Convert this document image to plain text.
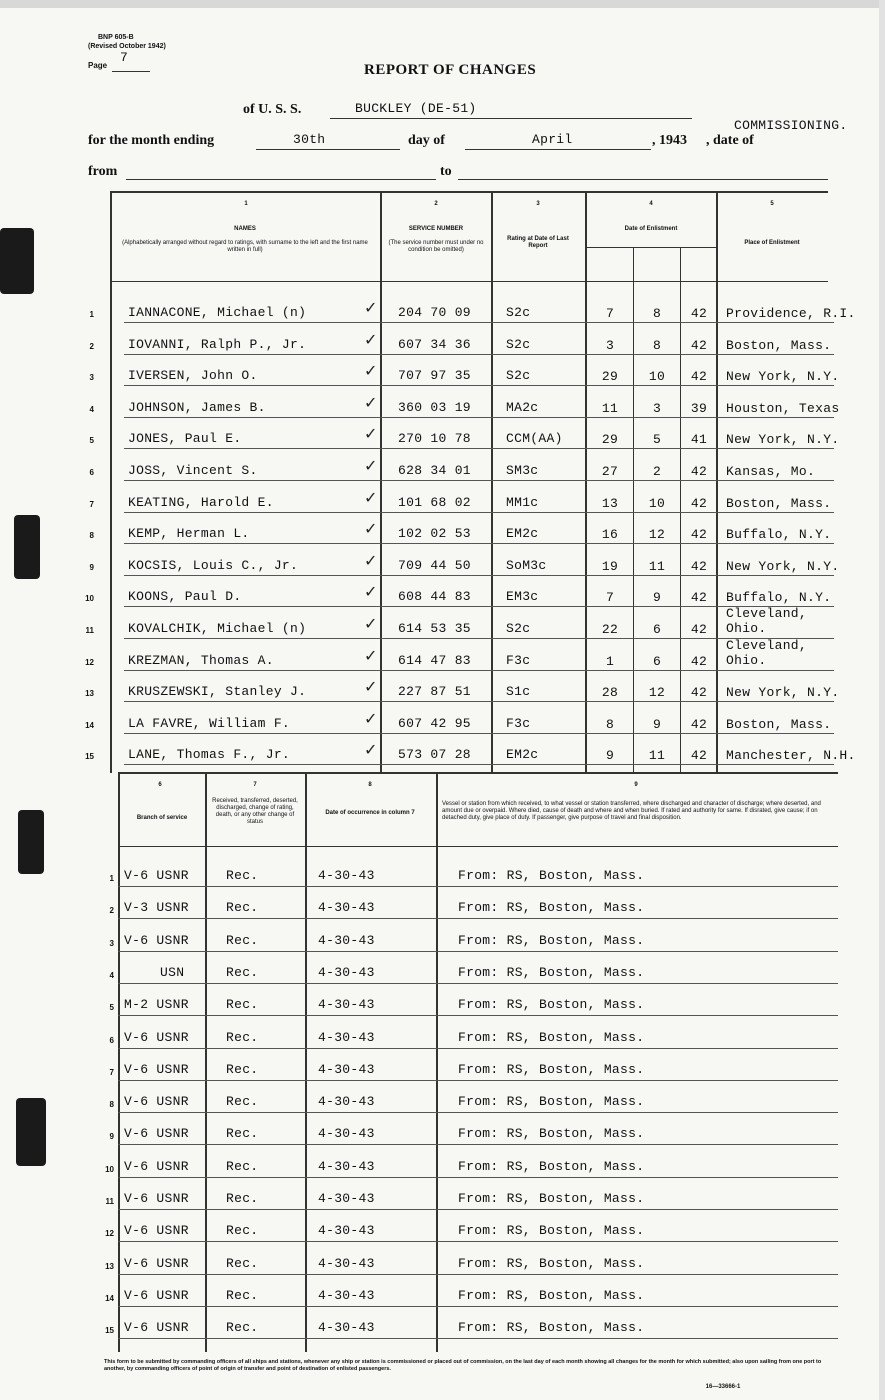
BNP 605-B
(Revised October 1942)
Page
7
REPORT OF CHANGES
of U. S. S.	BUCKLEY (DE-51)
for the month ending	30th	day of	April	, 1943 , date of
COMMISSIONING.
from	to
1
NAMES
(Alphabetically arranged without regard to ratings, with surname to the left and the first name written in full)
2
SERVICE NUMBER
(The service number must under no condition be omitted)
3
Rating at Date of Last Report
4
Date of Enlistment
5
Place of Enlistment
1	IANNACONE, Michael (n)	204 70 09	S2c	7	8	42	Providence, R.I.
✓
2	IOVANNI, Ralph P., Jr.	607 34 36	S2c	3	8	42	Boston, Mass.
✓
3	IVERSEN, John O.	707 97 35	S2c	29	10	42	New York, N.Y.
✓
4	JOHNSON, James B.	360 03 19	MA2c	11	3	39	Houston, Texas
✓
5	JONES, Paul E.	270 10 78	CCM(AA)	29	5	41	New York, N.Y.
✓
6	JOSS, Vincent S.	628 34 01	SM3c	27	2	42	Kansas, Mo.
✓
7	KEATING, Harold E.	101 68 02	MM1c	13	10	42	Boston, Mass.
✓
8	KEMP, Herman L.	102 02 53	EM2c	16	12	42	Buffalo, N.Y.
✓
9	KOCSIS, Louis C., Jr.	709 44 50	SoM3c	19	11	42	New York, N.Y.
✓
10	KOONS, Paul D.	608 44 83	EM3c	7	9	42	Buffalo, N.Y.
✓
11	KOVALCHIK, Michael (n)	614 53 35	S2c	22	6	42
Cleveland, Ohio.
✓
12	KREZMAN, Thomas A.	614 47 83	F3c	1	6	42
Cleveland, Ohio.
✓
13	KRUSZEWSKI, Stanley J.	227 87 51	S1c	28	12	42	New York, N.Y.
✓
14	LA FAVRE, William F.	607 42 95	F3c	8	9	42	Boston, Mass.
✓
15	LANE, Thomas F., Jr.	573 07 28	EM2c	9	11	42	Manchester, N.H.
✓
6
Branch of service
7
Received, transferred, deserted, discharged, change of rating, death, or any other change of status
8
Date of occurrence in column 7
9
Vessel or station from which received, to what vessel or station transferred, where discharged and character of discharge; where deserted, and amount due or overpaid. Where died, cause of death and where and when buried. If rated and authority for same. If disrated, give cause; if on detached duty, give place of duty. If passenger, give purpose of travel and final disposition.
1 V-6 USNR	Rec.	4-30-43	From: RS, Boston, Mass.
2 V-3 USNR	Rec.	4-30-43	From: RS, Boston, Mass.
3 V-6 USNR	Rec.	4-30-43	From: RS, Boston, Mass.
4	USN	Rec.	4-30-43	From: RS, Boston, Mass.
5 M-2 USNR	Rec.	4-30-43	From: RS, Boston, Mass.
6 V-6 USNR	Rec.	4-30-43	From: RS, Boston, Mass.
7 V-6 USNR	Rec.	4-30-43	From: RS, Boston, Mass.
8 V-6 USNR	Rec.	4-30-43	From: RS, Boston, Mass.
9 V-6 USNR	Rec.	4-30-43	From: RS, Boston, Mass.
10 V-6 USNR	Rec.	4-30-43	From: RS, Boston, Mass.
11 V-6 USNR	Rec.	4-30-43	From: RS, Boston, Mass.
12 V-6 USNR	Rec.	4-30-43	From: RS, Boston, Mass.
13 V-6 USNR	Rec.	4-30-43	From: RS, Boston, Mass.
14 V-6 USNR	Rec.	4-30-43	From: RS, Boston, Mass.
15 V-6 USNR	Rec.	4-30-43	From: RS, Boston, Mass.
This form to be submitted by commanding officers of all ships and stations, whenever any ship or station is commissioned or placed out of commission, on the last day of each month showing all changes for the month for which submitted; also upon sailing from one port to another, by commanding officers of point of origin of transfer and point of destination of enlisted passengers.
16—33666-1
